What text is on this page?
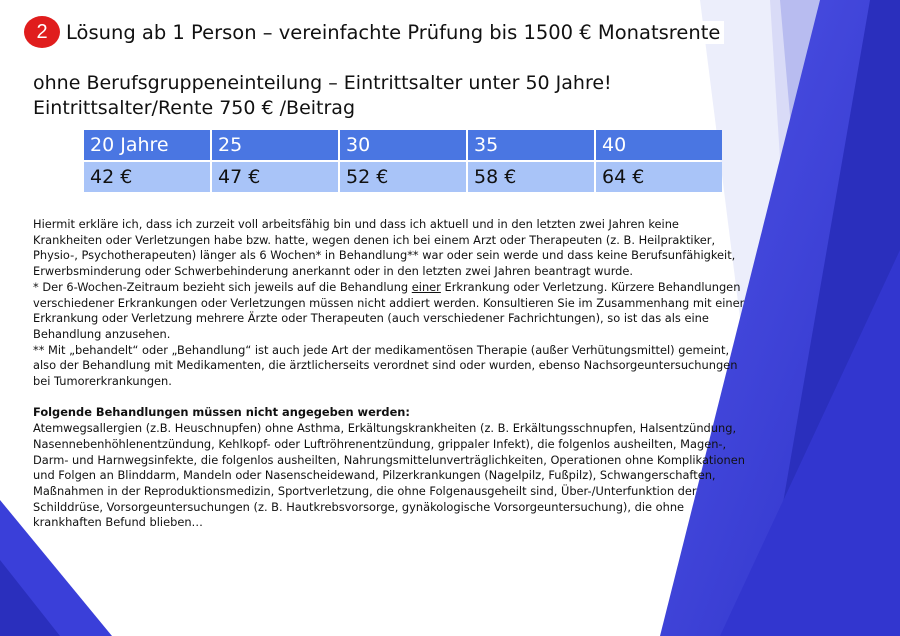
2 Lösung ab 1 Person – vereinfachte Prüfung bis 1500 € Monatsrente
ohne Berufsgruppeneinteilung – Eintrittsalter unter 50 Jahre!
Eintrittsalter/Rente 750 € /Beitrag
20 Jahre	25	30	35	40
42 €	47 €	52 €	58 €	64 €

Hiermit erkläre ich, dass ich zurzeit voll arbeitsfähig bin und dass ich aktuell und in den letzten zwei Jahren keine Krankheiten oder Verletzungen habe bzw. hatte, wegen denen ich bei einem Arzt oder Therapeuten (z. B. Heilpraktiker, Physio-, Psychotherapeuten) länger als 6 Wochen* in Behandlung** war oder sein werde und dass keine Berufsunfähigkeit, Erwerbsminderung oder Schwerbehinderung anerkannt oder in den letzten zwei Jahren beantragt wurde.

* Der 6-Wochen-Zeitraum bezieht sich jeweils auf die Behandlung einer Erkrankung oder Verletzung. Kürzere Behandlungen verschiedener Erkrankungen oder Verletzungen müssen nicht addiert werden. Konsultieren Sie im Zusammenhang mit einer Erkrankung oder Verletzung mehrere Ärzte oder Therapeuten (auch verschiedener Fachrichtungen), so ist das als eine Behandlung anzusehen.

** Mit „behandelt“ oder „Behandlung“ ist auch jede Art der medikamentösen Therapie (außer Verhütungsmittel) gemeint, also der Behandlung mit Medikamenten, die ärztlicherseits verordnet sind oder wurden, ebenso Nachsorgeuntersuchungen bei Tumorerkrankungen.

Folgende Behandlungen müssen nicht angegeben werden:

Atemwegsallergien (z.B. Heuschnupfen) ohne Asthma, Erkältungskrankheiten (z. B. Erkältungsschnupfen, Halsentzündung, Nasennebenhöhlenentzündung, Kehlkopf- oder Luftröhrenentzündung, grippaler Infekt), die folgenlos ausheilten, Magen-, Darm- und Harnwegsinfekte, die folgenlos ausheilten, Nahrungsmittelunverträglichkeiten, Operationen ohne Komplikationen und Folgen an Blinddarm, Mandeln oder Nasenscheidewand, Pilzerkrankungen (Nagelpilz, Fußpilz), Schwangerschaften, Maßnahmen in der Reproduktionsmedizin, Sportverletzung, die ohne Folgenausgeheilt sind, Über-/Unterfunktion der Schilddrüse, Vorsorgeuntersuchungen (z. B. Hautkrebsvorsorge, gynäkologische Vorsorgeuntersuchung), die ohne krankhaften Befund blieben…
